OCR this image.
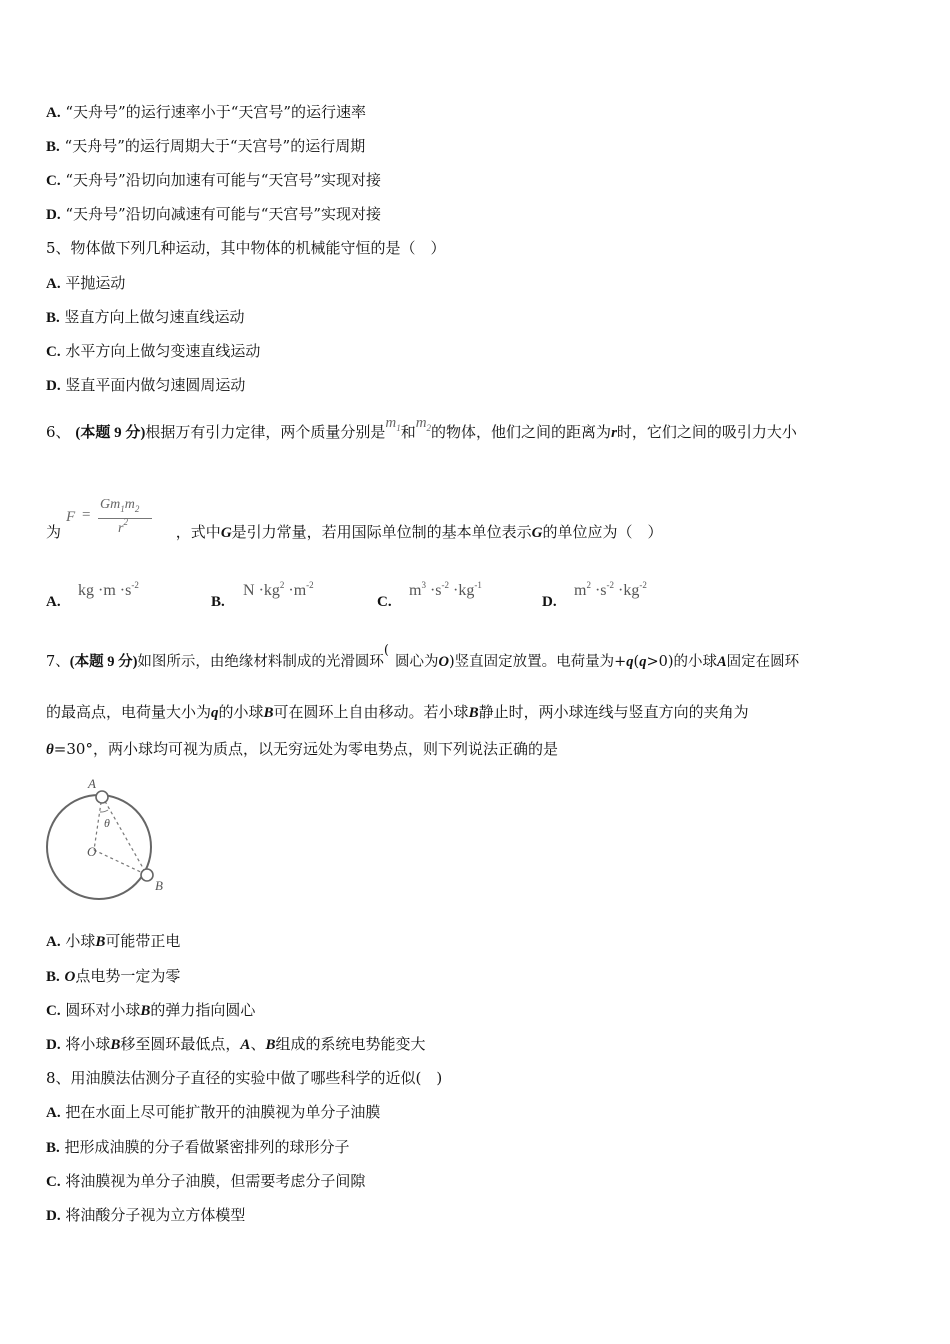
A. “天舟号”的运行速率小于“天宫号”的运行速率
B. “天舟号”的运行周期大于“天宫号”的运行周期
C. “天舟号”沿切向加速有可能与“天宫号”实现对接
D. “天舟号”沿切向减速有可能与“天宫号”实现对接
5、物体做下列几种运动，其中物体的机械能守恒的是（　）
A. 平抛运动
B. 竖直方向上做匀速直线运动
C. 水平方向上做匀变速直线运动
D. 竖直平面内做匀速圆周运动
6、 (本题 9 分)根据万有引力定律，两个质量分别是$m_1$和$m_2$的物体，他们之间的距离为r时，它们之间的吸引力大小
为	，式中G是引力常量，若用国际单位制的基本单位表示G的单位应为（　）
F =
$Gm_1m_2$
$r^2$
A.
kg $\cdot m \cdot s^{-2}$
B.
$N \cdot kg^2 \cdot m^{-2}$
C.
$m^3 \cdot s^{-2} \cdot kg^{-1}$
D.
$m^2 \cdot s^{-2} \cdot kg^{-2}$
7、(本题 9 分)如图所示，由绝缘材料制成的光滑圆环(圆心为O)竖直固定放置。电荷量为+q(q>0)的小球A固定在圆环
的最高点，电荷量大小为q的小球B可在圆环上自由移动。若小球B静止时，两小球连线与竖直方向的夹角为
θ=30°，两小球均可视为质点，以无穷远处为零电势点，则下列说法正确的是
A
B
O
θ
A. 小球B可能带正电
B. O点电势一定为零
C. 圆环对小球B的弹力指向圆心
D. 将小球B移至圆环最低点，A、B组成的系统电势能变大
8、用油膜法估测分子直径的实验中做了哪些科学的近似(　)
A. 把在水面上尽可能扩散开的油膜视为单分子油膜
B. 把形成油膜的分子看做紧密排列的球形分子
C. 将油膜视为单分子油膜，但需要考虑分子间隙
D. 将油酸分子视为立方体模型
